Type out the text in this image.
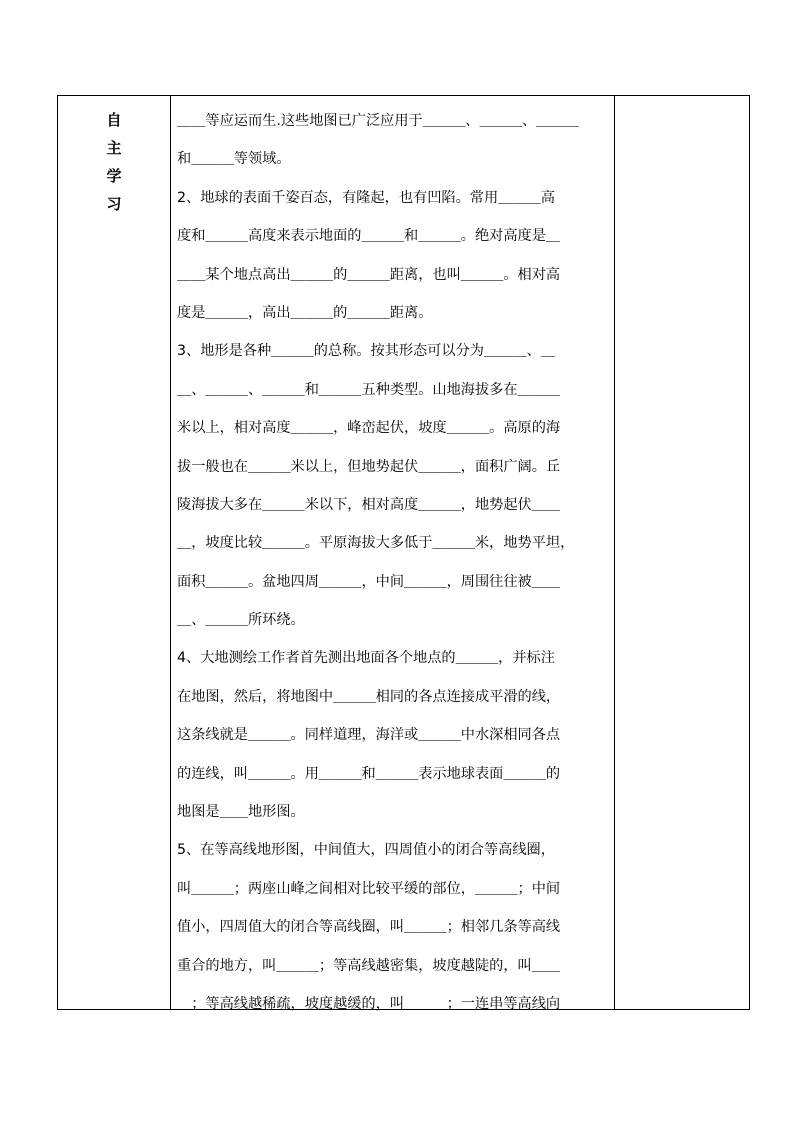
自
主
学
习
＿＿等应运而生.这些地图已广泛应用于＿＿＿、＿＿＿、＿＿＿
和＿＿＿等领域。
2、地球的表面千姿百态，有隆起，也有凹陷。常用＿＿＿高
度和＿＿＿高度来表示地面的＿＿＿和＿＿＿。绝对高度是＿
＿＿某个地点高出＿＿＿的＿＿＿距离，也叫＿＿＿。相对高
度是＿＿＿，高出＿＿＿的＿＿＿距离。
3、地形是各种＿＿＿的总称。按其形态可以分为＿＿＿、＿
＿、＿＿＿、＿＿＿和＿＿＿五种类型。山地海拔多在＿＿＿
米以上，相对高度＿＿＿，峰峦起伏，坡度＿＿＿。高原的海
拔一般也在＿＿＿米以上，但地势起伏＿＿＿，面积广阔。丘
陵海拔大多在＿＿＿米以下，相对高度＿＿＿，地势起伏＿＿
＿，坡度比较＿＿＿。平原海拔大多低于＿＿＿米，地势平坦，
面积＿＿＿。盆地四周＿＿＿，中间＿＿＿，周围往往被＿＿
＿、＿＿＿所环绕。
4、大地测绘工作者首先测出地面各个地点的＿＿＿，并标注
在地图，然后，将地图中＿＿＿相同的各点连接成平滑的线，
这条线就是＿＿＿。同样道理，海洋或＿＿＿中水深相同各点
的连线，叫＿＿＿。用＿＿＿和＿＿＿表示地球表面＿＿＿的
地图是＿＿地形图。
5、在等高线地形图，中间值大，四周值小的闭合等高线圈，
叫＿＿＿；两座山峰之间相对比较平缓的部位，＿＿＿；中间
值小，四周值大的闭合等高线圈，叫＿＿＿；相邻几条等高线
重合的地方，叫＿＿＿；等高线越密集，坡度越陡的，叫＿＿
＿；等高线越稀疏，坡度越缓的，叫＿＿＿；一连串等高线向
